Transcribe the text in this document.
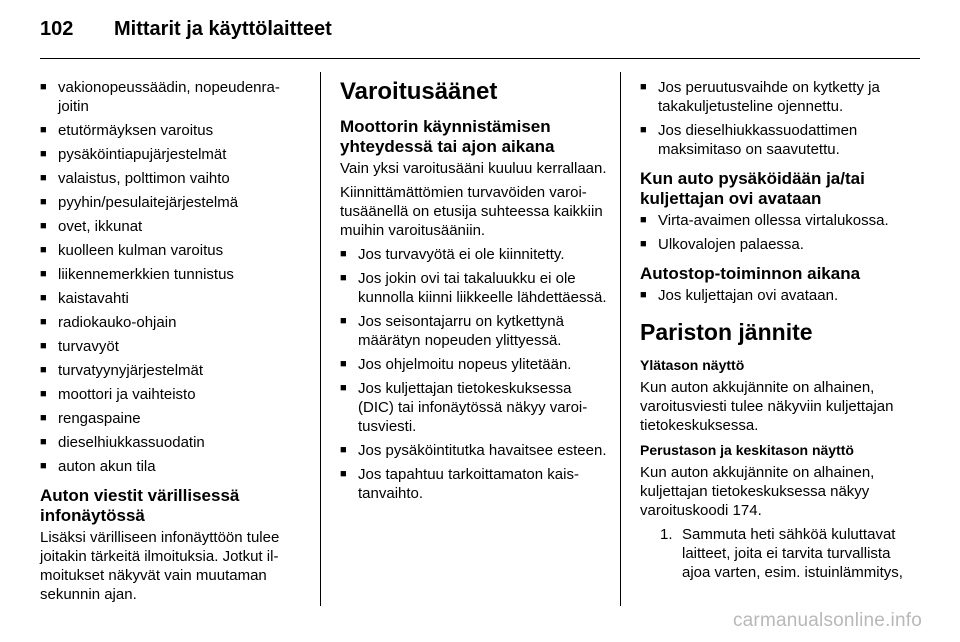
102 Mittarit ja käyttölaitteet
■ vakionopeussäädin, nopeudenrajoitin
■ etutörmäyksen varoitus
■ pysäköintiapujärjestelmät
■ valaistus, polttimon vaihto
■ pyyhin/pesulaitejärjestelmä
■ ovet, ikkunat
■ kuolleen kulman varoitus
■ liikennemerkkien tunnistus
■ kaistavahti
■ radiokauko-ohjain
■ turvavyöt
■ turvatyynyjärjestelmät
■ moottori ja vaihteisto
■ rengaspaine
■ dieselhiukkassuodatin
■ auton akun tila
Auton viestit värillisessä infonäytössä

Lisäksi värilliseen infonäyttöön tulee joitakin tärkeitä ilmoituksia. Jotkut ilmoitukset näkyvät vain muutaman sekunnin ajan.

Varoitusäänet
Moottorin käynnistämisen yhteydessä tai ajon aikana

Vain yksi varoitusääni kuuluu kerrallaan.

Kiinnittämättömien turvavöiden varoitusäänellä on etusija suhteessa kaikkiin muihin varoitusääniin.

■ Jos turvavyötä ei ole kiinnitetty.
■ Jos jokin ovi tai takaluukku ei ole kunnolla kiinni liikkeelle lähdettäessä.
■ Jos seisontajarru on kytkettynä määrätyn nopeuden ylittyessä.
■ Jos ohjelmoitu nopeus ylitetään.
■ Jos kuljettajan tietokeskuksessa (DIC) tai infonäytössä näkyy varoitusviesti.
■ Jos pysäköintitutka havaitsee esteen.
■ Jos tapahtuu tarkoittamaton kaistanvaihto.
■ Jos peruutusvaihde on kytketty ja takakuljetusteline ojennettu.
■ Jos dieselhiukkassuodattimen maksimitaso on saavutettu.
Kun auto pysäköidään ja/tai kuljettajan ovi avataan
■ Virta-avaimen ollessa virtalukossa.
■ Ulkovalojen palaessa.
Autostop-toiminnon aikana
■ Jos kuljettajan ovi avataan.
Pariston jännite
Ylätason näyttö

Kun auton akkujännite on alhainen, varoitusviesti tulee näkyviin kuljettajan tietokeskuksessa.

Perustason ja keskitason näyttö

Kun auton akkujännite on alhainen, kuljettajan tietokeskuksessa näkyy varoituskoodi 174.

1. Sammuta heti sähköä kuluttavat laitteet, joita ei tarvita turvallista ajoa varten, esim. istuinlämmitys,
carmanualsonline.info
